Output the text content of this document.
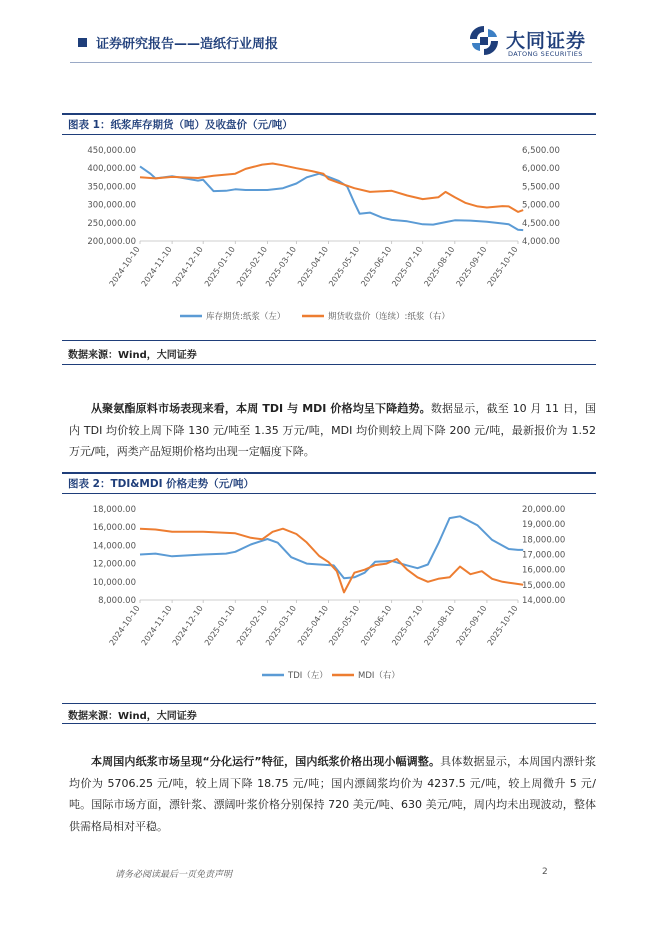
证券研究报告——造纸行业周报	大同证券
DATONG SECURITIES
图表 1：纸浆库存期货（吨）及收盘价（元/吨）
200,000.00
250,000.00
300,000.00
350,000.00
400,000.00
450,000.00
4,000.00
4,500.00
5,000.00
5,500.00
6,000.00
6,500.00
2024-10-10
2024-11-10
2024-12-10
2025-01-10
2025-02-10
2025-03-10
2025-04-10
2025-05-10
2025-06-10
2025-07-10
2025-08-10
2025-09-10
2025-10-10
库存期货:纸浆（左）	期货收盘价（连续）:纸浆（右）
数据来源：Wind，大同证券
从聚氨酯原料市场表现来看，本周 TDI 与 MDI 价格均呈下降趋势。数据显示，截至 10 月 11 日，国内 TDI 均价较上周下降 130 元/吨至 1.35 万元/吨，MDI 均价则较上周下降 200 元/吨，最新报价为 1.52 万元/吨，两类产品短期价格均出现一定幅度下降。
图表 2：TDI&MDI 价格走势（元/吨）
8,000.00
10,000.00
12,000.00
14,000.00
16,000.00
18,000.00
14,000.00
15,000.00
16,000.00
17,000.00
18,000.00
19,000.00
20,000.00
2024-10-10
2024-11-10
2024-12-10
2025-01-10
2025-02-10
2025-03-10
2025-04-10
2025-05-10
2025-06-10
2025-07-10
2025-08-10
2025-09-10
2025-10-10
TDI（左）	MDI（右）
数据来源：Wind，大同证券
本周国内纸浆市场呈现“分化运行”特征，国内纸浆价格出现小幅调整。具体数据显示，本周国内漂针浆均价为 5706.25 元/吨，较上周下降 18.75 元/吨；国内漂阔浆均价为 4237.5 元/吨，较上周微升 5 元/吨。国际市场方面，漂针浆、漂阔叶浆价格分别保持 720 美元/吨、630 美元/吨，周内均未出现波动，整体供需格局相对平稳。
请务必阅读最后一页免责声明	2
